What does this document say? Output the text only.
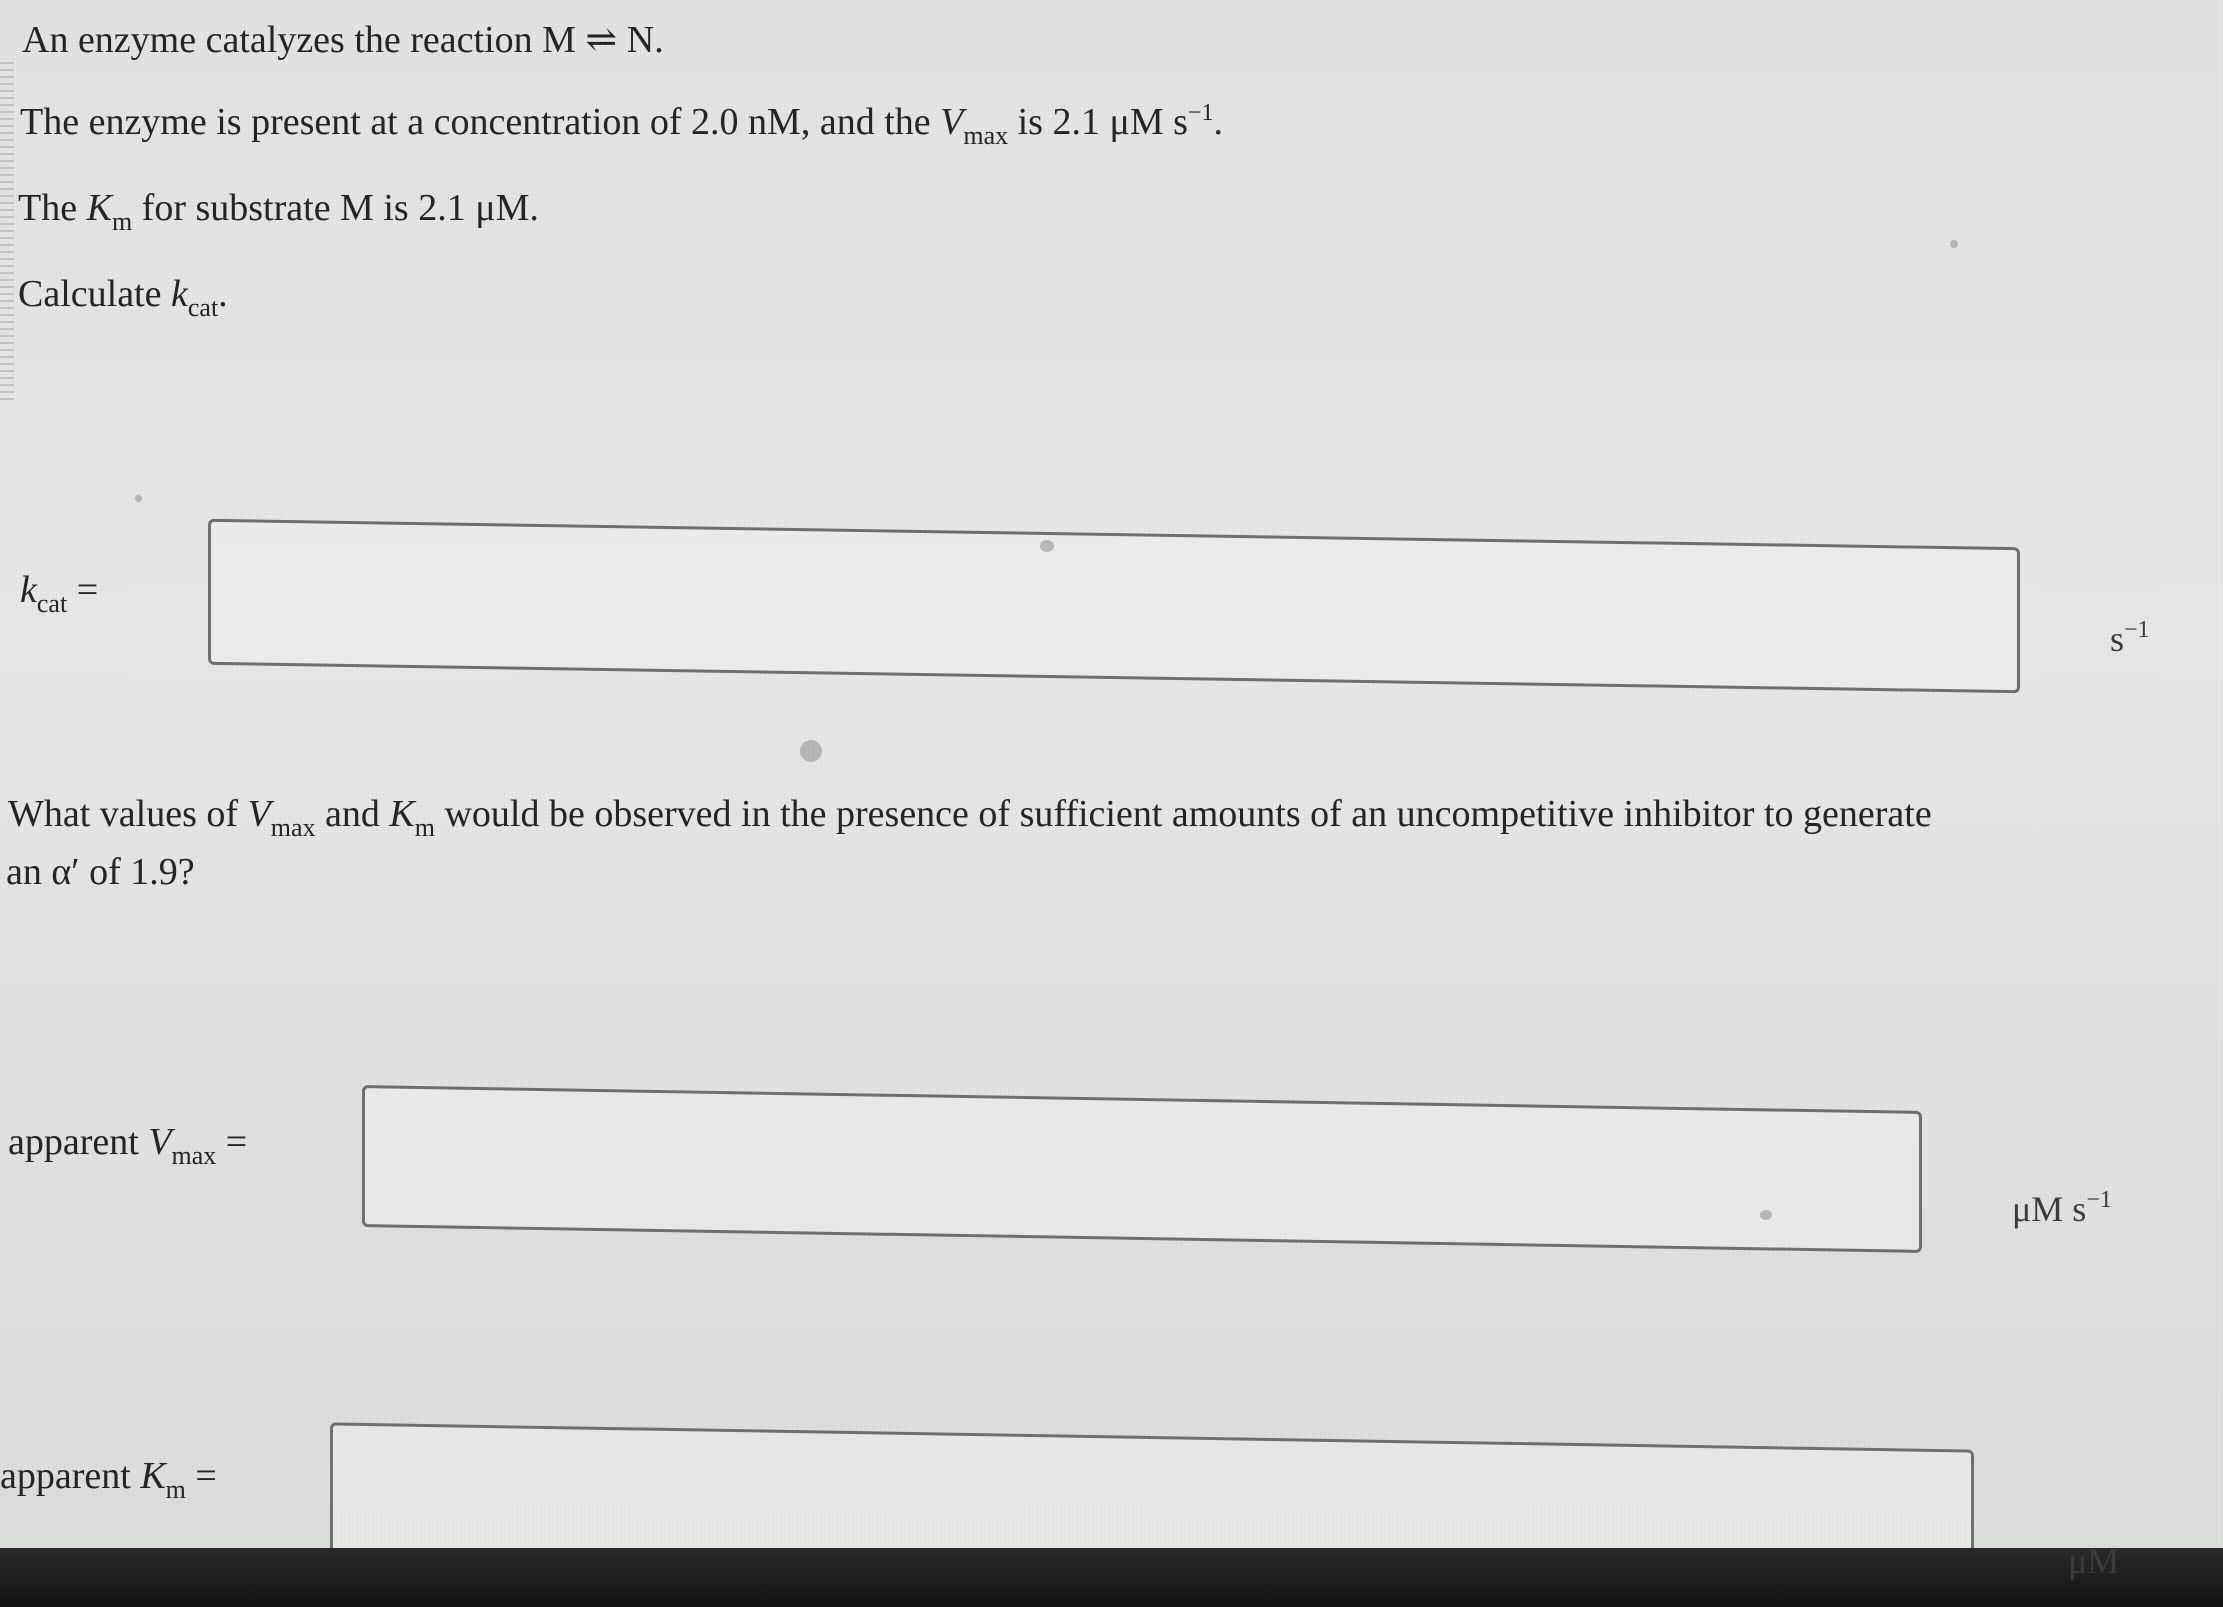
An enzyme catalyzes the reaction M ⇌ N.
The enzyme is present at a concentration of 2.0 nM, and the $V_{max}$ is 2.1 μM $s^{-1}$.
The $K_m$ for substrate M is 2.1 μM.
Calculate $k_{cat}$.
$k_{cat}$ =
$s^{-1}$
What values of $V_{max}$ and $K_m$ would be observed in the presence of sufficient amounts of an uncompetitive inhibitor to generate
an α′ of 1.9?
apparent $V_{max}$ =
μM $s^{-1}$
apparent $K_m$ =
μM
